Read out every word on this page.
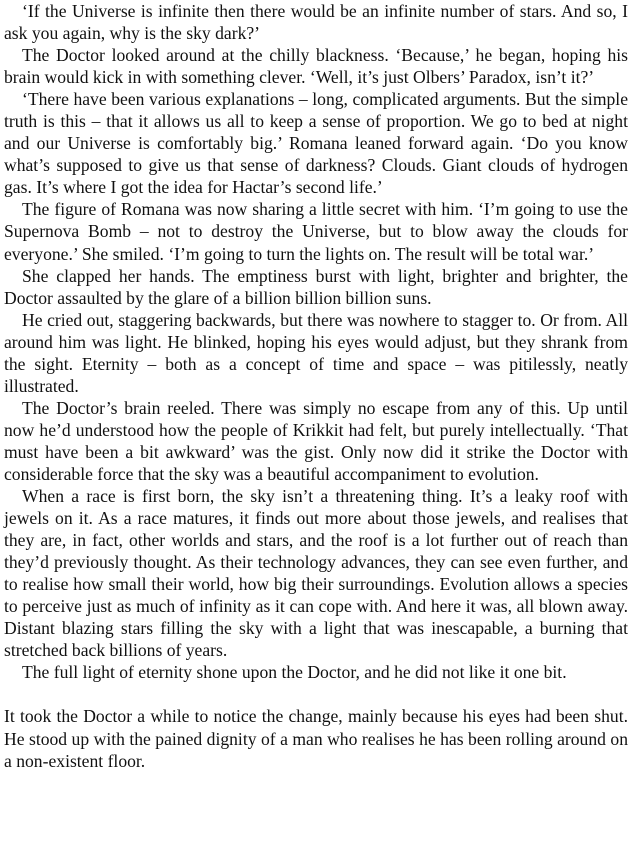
‘If the Universe is infinite then there would be an infinite number of stars. And so, I ask you again, why is the sky dark?’

The Doctor looked around at the chilly blackness. ‘Because,’ he began, hoping his brain would kick in with something clever. ‘Well, it’s just Olbers’ Paradox, isn’t it?’

‘There have been various explanations – long, complicated arguments. But the simple truth is this – that it allows us all to keep a sense of proportion. We go to bed at night and our Universe is comfortably big.’ Romana leaned forward again. ‘Do you know what’s supposed to give us that sense of darkness? Clouds. Giant clouds of hydrogen gas. It’s where I got the idea for Hactar’s second life.’

The figure of Romana was now sharing a little secret with him. ‘I’m going to use the Supernova Bomb – not to destroy the Universe, but to blow away the clouds for everyone.’ She smiled. ‘I’m going to turn the lights on. The result will be total war.’

She clapped her hands. The emptiness burst with light, brighter and brighter, the Doctor assaulted by the glare of a billion billion billion suns.

He cried out, staggering backwards, but there was nowhere to stagger to. Or from. All around him was light. He blinked, hoping his eyes would adjust, but they shrank from the sight. Eternity – both as a concept of time and space – was pitilessly, neatly illustrated.

The Doctor’s brain reeled. There was simply no escape from any of this. Up until now he’d understood how the people of Krikkit had felt, but purely intellectually. ‘That must have been a bit awkward’ was the gist. Only now did it strike the Doctor with considerable force that the sky was a beautiful accompaniment to evolution.

When a race is first born, the sky isn’t a threatening thing. It’s a leaky roof with jewels on it. As a race matures, it finds out more about those jewels, and realises that they are, in fact, other worlds and stars, and the roof is a lot further out of reach than they’d previously thought. As their technology advances, they can see even further, and to realise how small their world, how big their surroundings. Evolution allows a species to perceive just as much of infinity as it can cope with. And here it was, all blown away. Distant blazing stars filling the sky with a light that was inescapable, a burning that stretched back billions of years.

The full light of eternity shone upon the Doctor, and he did not like it one bit.

It took the Doctor a while to notice the change, mainly because his eyes had been shut. He stood up with the pained dignity of a man who realises he has been rolling around on a non-existent floor.
